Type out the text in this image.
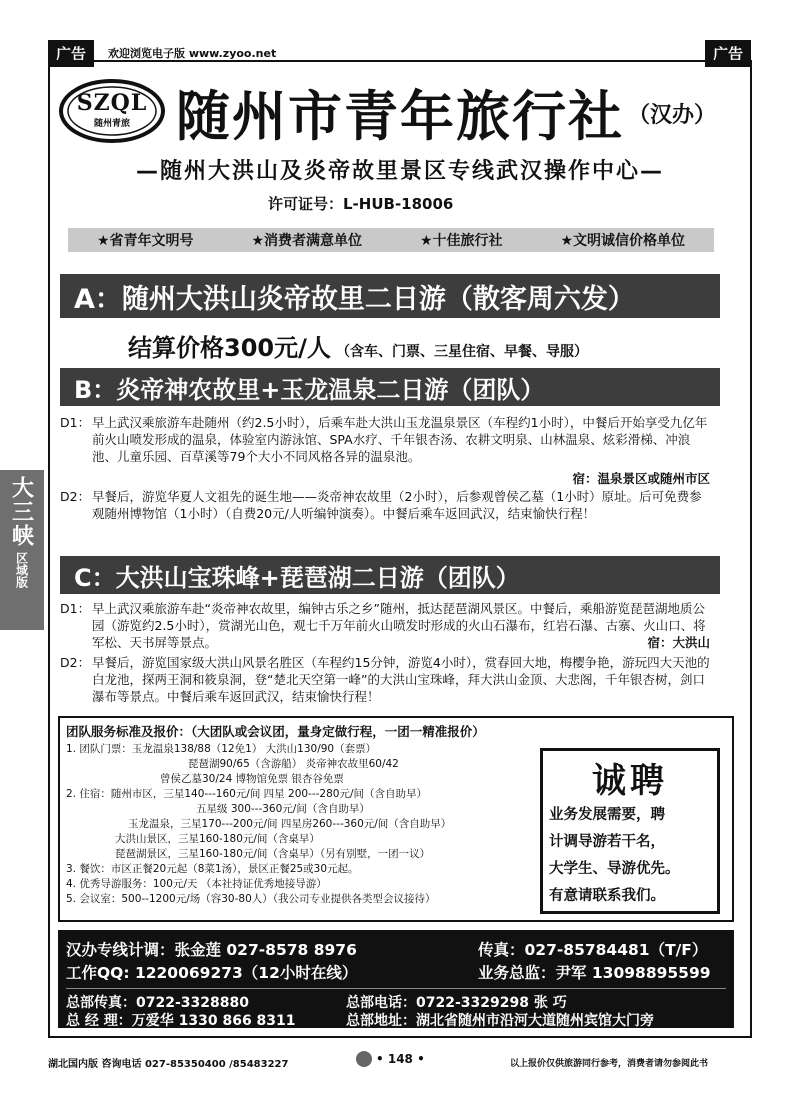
广告	欢迎浏览电子版 www.zyoo.net	广告
SZQL
随州青旅 随州市青年旅行社 （汉办）
—随州大洪山及炎帝故里景区专线武汉操作中心—
许可证号：L-HUB-18006
★省青年文明号	★消费者满意单位	★十佳旅行社	★文明诚信价格单位
A：随州大洪山炎帝故里二日游（散客周六发）
结算价格300元/人 （含车、门票、三星住宿、早餐、导服）
B：炎帝神农故里+玉龙温泉二日游（团队）
D1： 早上武汉乘旅游车赴随州（约2.5小时），后乘车赴大洪山玉龙温泉景区（车程约1小时），中餐后开始享受九亿年前火山喷发形成的温泉，体验室内游泳馆、SPA水疗、千年银杏汤、农耕文明泉、山林温泉、炫彩滑梯、冲浪池、儿童乐园、百草溪等79个大小不同风格各异的温泉池。
宿：温泉景区或随州市区
D2： 早餐后，游览华夏人文祖先的诞生地——炎帝神农故里（2小时），后参观曾侯乙墓（1小时）原址。后可免费参观随州博物馆（1小时）（自费20元/人听编钟演奏）。中餐后乘车返回武汉，结束愉快行程！
C：大洪山宝珠峰+琵琶湖二日游（团队）
D1： 早上武汉乘旅游车赴“炎帝神农故里，编钟古乐之乡”随州，抵达琵琶湖风景区。中餐后，乘船游览琵琶湖地质公园（游览约2.5小时），赏湖光山色，观七千万年前火山喷发时形成的火山石瀑布，红岩石瀑、古寨、火山口、将军松、天书屏等景点。	宿：大洪山
D2： 早餐后，游览国家级大洪山风景名胜区（车程约15分钟，游览4小时），赏春回大地，梅樱争艳，游玩四大天池的白龙池，探两王洞和筱泉洞，登“楚北天空第一峰”的大洪山宝珠峰，拜大洪山金顶、大悲阁，千年银杏树，剑口瀑布等景点。中餐后乘车返回武汉，结束愉快行程！
团队服务标准及报价：（大团队或会议团，量身定做行程，一团一精准报价）
1. 团队门票：玉龙温泉138/88（12免1） 大洪山130/90（套票）
琵琶湖90/65（含游船） 炎帝神农故里60/42
曾侯乙墓30/24 博物馆免票 银杏谷免票
2. 住宿：随州市区，三星140---160元/间 四星 200---280元/间（含自助早）
五星级 300---360元/间（含自助早）
玉龙温泉，三星170---200元/间 四星房260---360元/间（含自助早）
大洪山景区，三星160-180元/间（含桌早）
琵琶湖景区，三星160-180元/间（含桌早）（另有别墅，一团一议）
3. 餐饮：市区正餐20元起（8菜1汤），景区正餐25或30元起。
4. 优秀导游服务：100元/天 （本社持证优秀地接导游）
5. 会议室：500--1200元/场（容30-80人）（我公司专业提供各类型会议接待）
诚聘
业务发展需要，聘
计调导游若干名，
大学生、导游优先。
有意请联系我们。
汉办专线计调：张金莲 027-8578 8976	传真：027-85784481（T/F）
工作QQ: 1220069273（12小时在线）	业务总监：尹军 13098895599
总部传真：0722-3328880	总部电话：0722-3329298 张 巧
总 经 理：万爱华 1330 866 8311	总部地址：湖北省随州市沿河大道随州宾馆大门旁
大三峡
区域版
湖北国内版 咨询电话 027-85350400 /85483227	• 148 •	以上报价仅供旅游同行参考，消费者请勿参阅此书
